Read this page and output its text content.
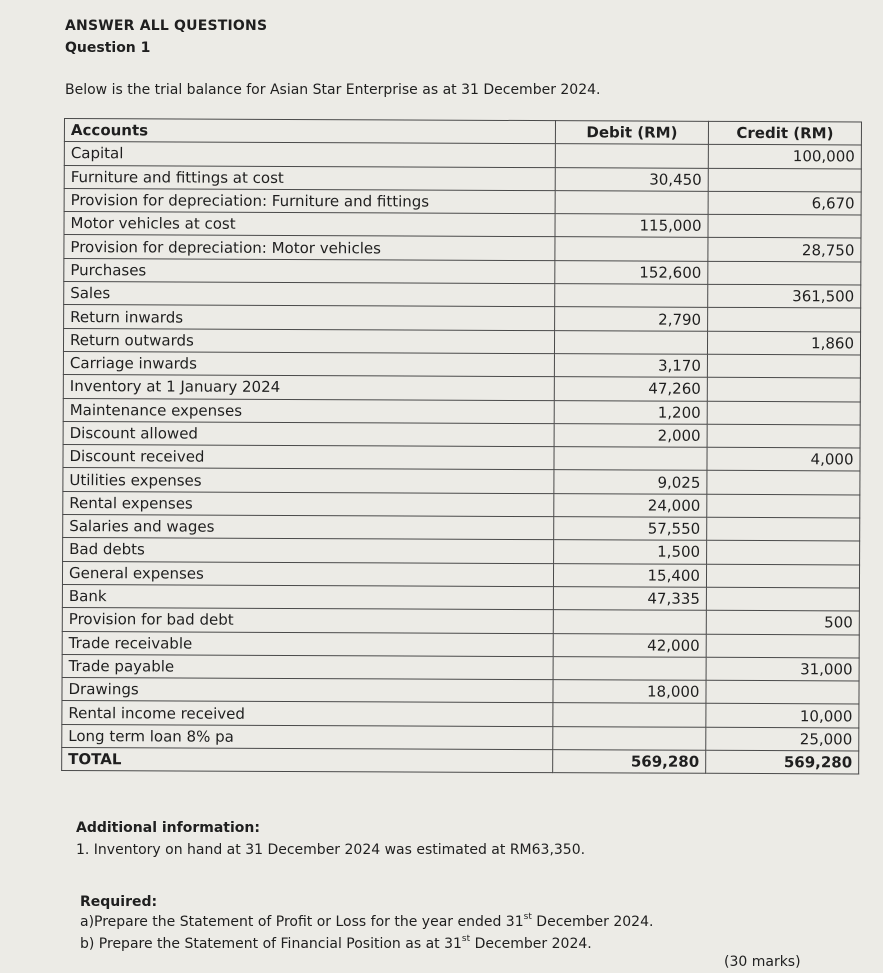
ANSWER ALL QUESTIONS
Question 1
Below is the trial balance for Asian Star Enterprise as at 31 December 2024.
Accounts	Debit (RM)	Credit (RM)
Capital		100,000
Furniture and fittings at cost	30,450	
Provision for depreciation: Furniture and fittings		6,670
Motor vehicles at cost	115,000	
Provision for depreciation: Motor vehicles		28,750
Purchases	152,600	
Sales		361,500
Return inwards	2,790	
Return outwards		1,860
Carriage inwards	3,170	
Inventory at 1 January 2024	47,260	
Maintenance expenses	1,200	
Discount allowed	2,000	
Discount received		4,000
Utilities expenses	9,025	
Rental expenses	24,000	
Salaries and wages	57,550	
Bad debts	1,500	
General expenses	15,400	
Bank	47,335	
Provision for bad debt		500
Trade receivable	42,000	
Trade payable		31,000
Drawings	18,000	
Rental income received		10,000
Long term loan 8% pa		25,000
TOTAL	569,280	569,280
Additional information:
1. Inventory on hand at 31 December 2024 was estimated at RM63,350.
Required:
a)Prepare the Statement of Profit or Loss for the year ended 31st December 2024.
b) Prepare the Statement of Financial Position as at 31st December 2024.
(30 marks)
